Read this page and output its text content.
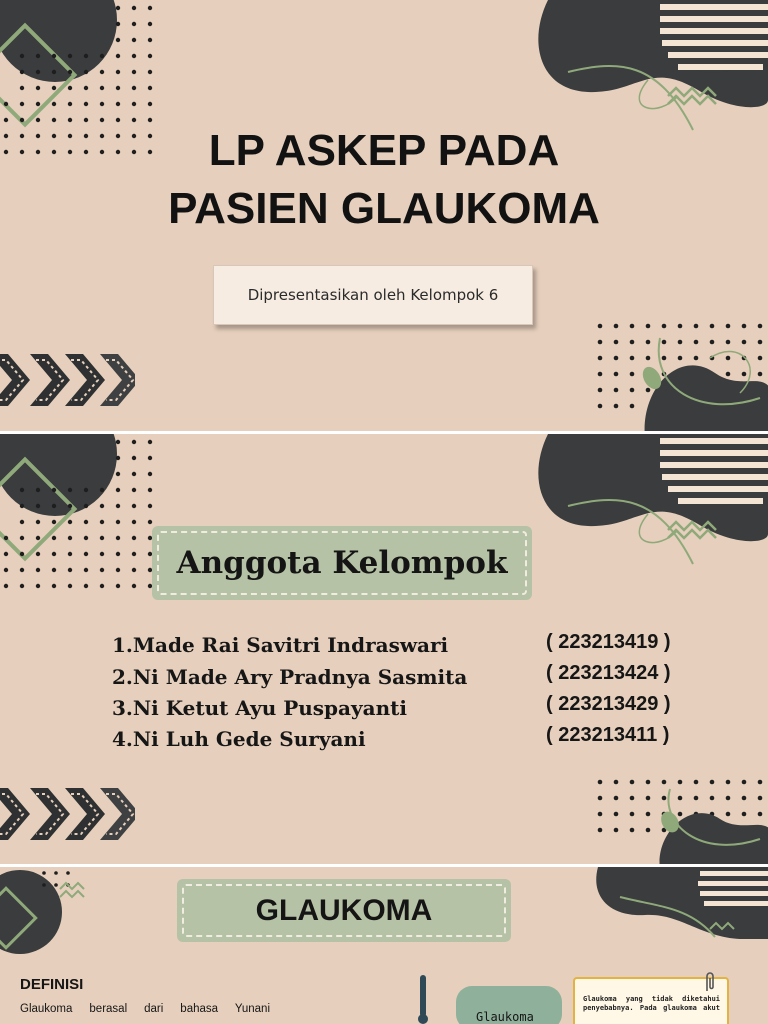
LP ASKEP PADA
PASIEN GLAUKOMA
Dipresentasikan oleh Kelompok 6
Anggota Kelompok
1.Made Rai Savitri Indraswari	( 223213419 )
2.Ni Made Ary Pradnya Sasmita	( 223213424 )
3.Ni Ketut Ayu Puspayanti	( 223213429 )
4.Ni Luh Gede Suryani	( 223213411 )
GLAUKOMA
DEFINISI
Glaukoma berasal dari bahasa Yunani
Glaukoma
Glaukoma yang tidak diketahui penyebabnya. Pada glaukoma akut
